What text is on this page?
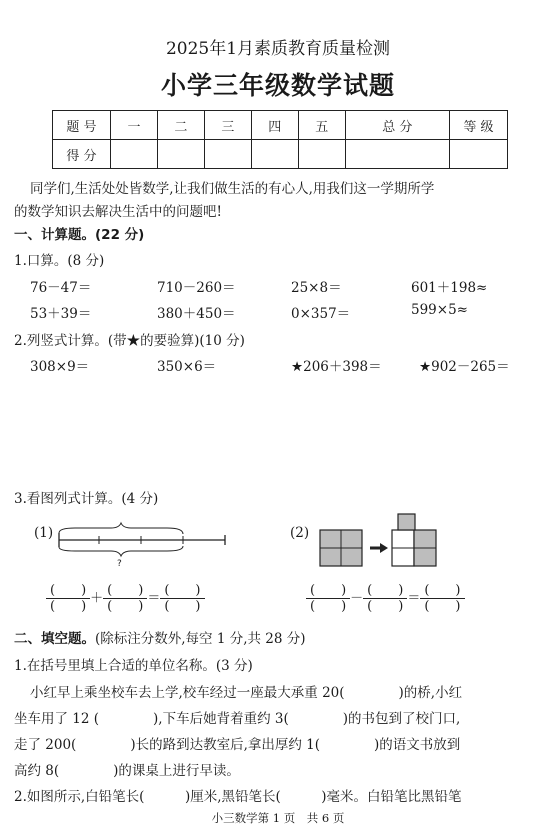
2025年1月素质教育质量检测
小学三年级数学试题
题 号	一	二	三	四	五	总 分	等 级
得 分							
同学们,生活处处皆数学,让我们做生活的有心人,用我们这一学期所学
的数学知识去解决生活中的问题吧!
一、计算题。(22 分)
1.口算。(8 分)
76－47＝	710－260＝	25×8＝	601＋198≈
53＋39＝	380＋450＝	0×357＝	599×5≈
2.列竖式计算。(带★的要验算)(10 分)
308×9＝	350×6＝	★206＋398＝	★902－265＝
3.看图列式计算。(4 分)
(1)
?
(2)
$\frac{( )}{( )} + \frac{( )}{( )} = \frac{( )}{( )}$	$\frac{( )}{( )} - \frac{( )}{( )} = \frac{( )}{( )}$
二、填空题。(除标注分数外,每空 1 分,共 28 分)
1.在括号里填上合适的单位名称。(3 分)
小红早上乘坐校车去上学,校车经过一座最大承重 20(　　　　)的桥,小红
坐车用了 12 (　　　　),下车后她背着重约 3(　　　　)的书包到了校门口,
走了 200(　　　　)长的路到达教室后,拿出厚约 1(　　　　)的语文书放到
高约 8(　　　　)的课桌上进行早读。
2.如图所示,白铅笔长(　　　)厘米,黑铅笔长(　　　)毫米。白铅笔比黑铅笔
小三数学第 1 页　共 6 页
